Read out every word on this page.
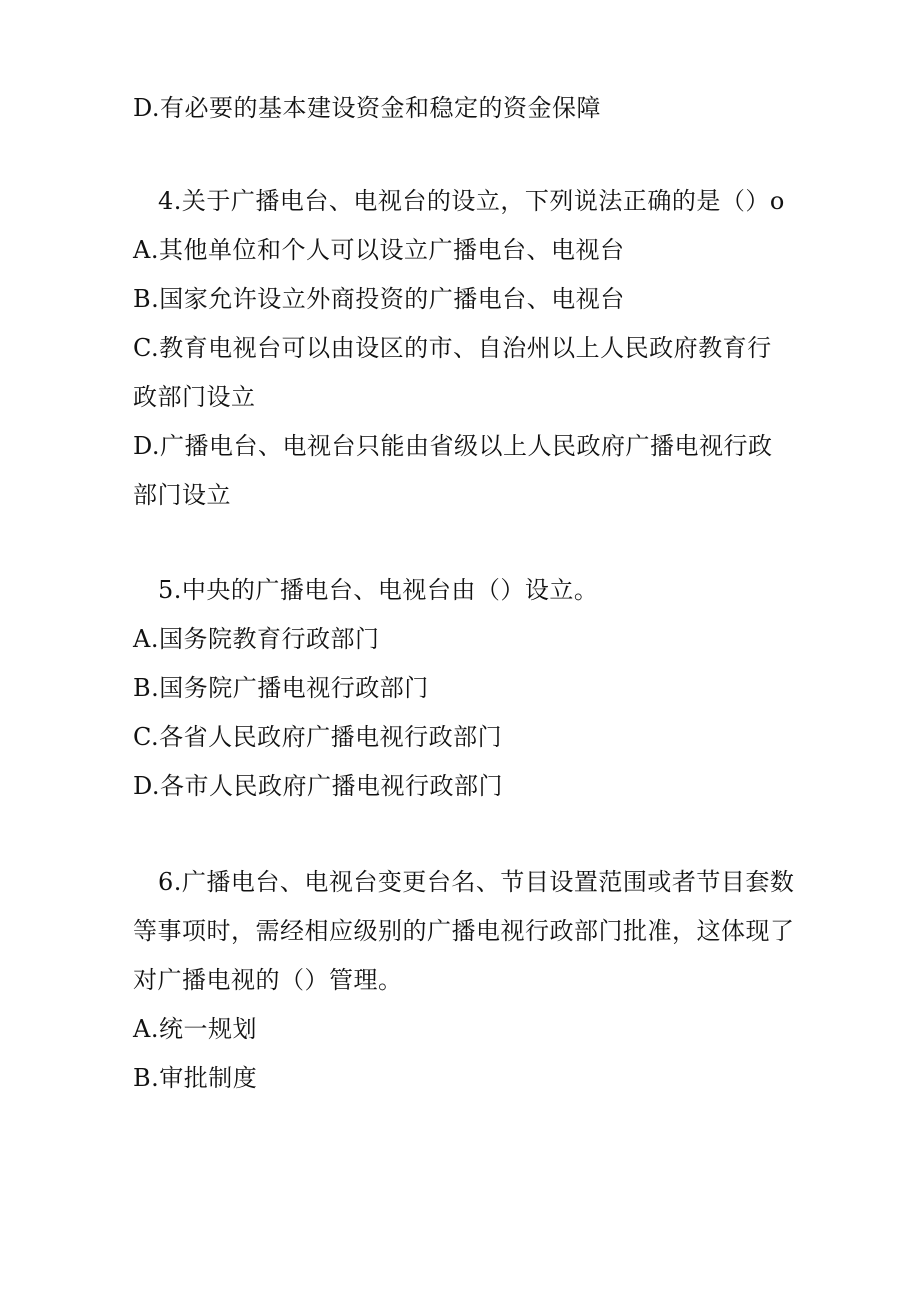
D.有必要的基本建设资金和稳定的资金保障
4.关于广播电台、电视台的设立，下列说法正确的是（）o
A.其他单位和个人可以设立广播电台、电视台
B.国家允许设立外商投资的广播电台、电视台
C.教育电视台可以由设区的市、自治州以上人民政府教育行
政部门设立
D.广播电台、电视台只能由省级以上人民政府广播电视行政
部门设立
5.中央的广播电台、电视台由（）设立。
A.国务院教育行政部门
B.国务院广播电视行政部门
C.各省人民政府广播电视行政部门
D.各市人民政府广播电视行政部门
6.广播电台、电视台变更台名、节目设置范围或者节目套数
等事项时，需经相应级别的广播电视行政部门批准，这体现了
对广播电视的（）管理。
A.统一规划
B.审批制度
